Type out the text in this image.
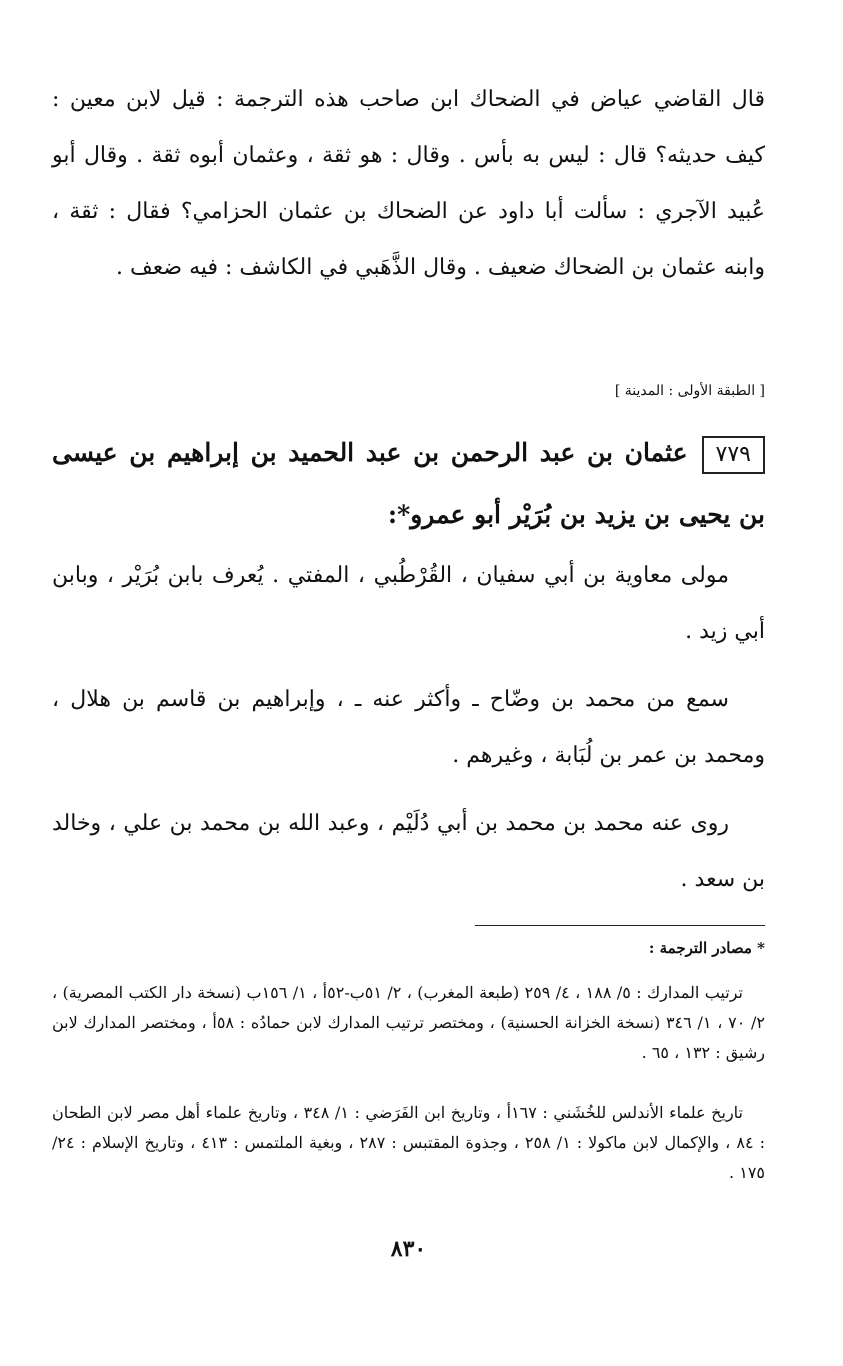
قال القاضي عياض في الضحاك ابن صاحب هذه الترجمة : قيل لابن معين : كيف حديثه؟ قال : ليس به بأس . وقال : هو ثقة ، وعثمان أبوه ثقة . وقال أبو عُبيد الآجري : سألت أبا داود عن الضحاك بن عثمان الحزامي؟ فقال : ثقة ، وابنه عثمان بن الضحاك ضعيف . وقال الذَّهَبي في الكاشف : فيه ضعف .

[ الطبقة الأولى : المدينة ]
٧٧٩عثمان بن عبد الرحمن بن عبد الحميد بن إبراهيم بن عيسى بن يحيى بن يزيد بن بُرَيْر أبو عمرو*:

مولى معاوية بن أبي سفيان ، القُرْطُبي ، المفتي . يُعرف بابن بُرَيْر ، وبابن أبي زيد .

سمع من محمد بن وضّاح ـ وأكثر عنه ـ ، وإبراهيم بن قاسم بن هلال ، ومحمد بن عمر بن لُبَابة ، وغيرهم .

روى عنه محمد بن محمد بن أبي دُلَيْم ، وعبد الله بن محمد بن علي ، وخالد بن سعد .

* مصادر الترجمة :

ترتيب المدارك : ٥/ ١٨٨ ، ٤/ ٢٥٩ (طبعة المغرب) ، ٢/ ٥١ب-٥٢أ ، ١/ ١٥٦ب (نسخة دار الكتب المصرية) ، ٢/ ٧٠ ، ١/ ٣٤٦ (نسخة الخزانة الحسنية) ، ومختصر ترتيب المدارك لابن حمادُه : ٥٨أ ، ومختصر المدارك لابن رشيق : ١٣٢ ، ٦٥ .

تاريخ علماء الأندلس للخُشَني : ١٦٧أ ، وتاريخ ابن الفَرَضي : ١/ ٣٤٨ ، وتاريخ علماء أهل مصر لابن الطحان : ٨٤ ، والإكمال لابن ماكولا : ١/ ٢٥٨ ، وجذوة المقتبس : ٢٨٧ ، وبغية الملتمس : ٤١٣ ، وتاريخ الإسلام : ٢٤/ ١٧٥ .

٨٣٠
